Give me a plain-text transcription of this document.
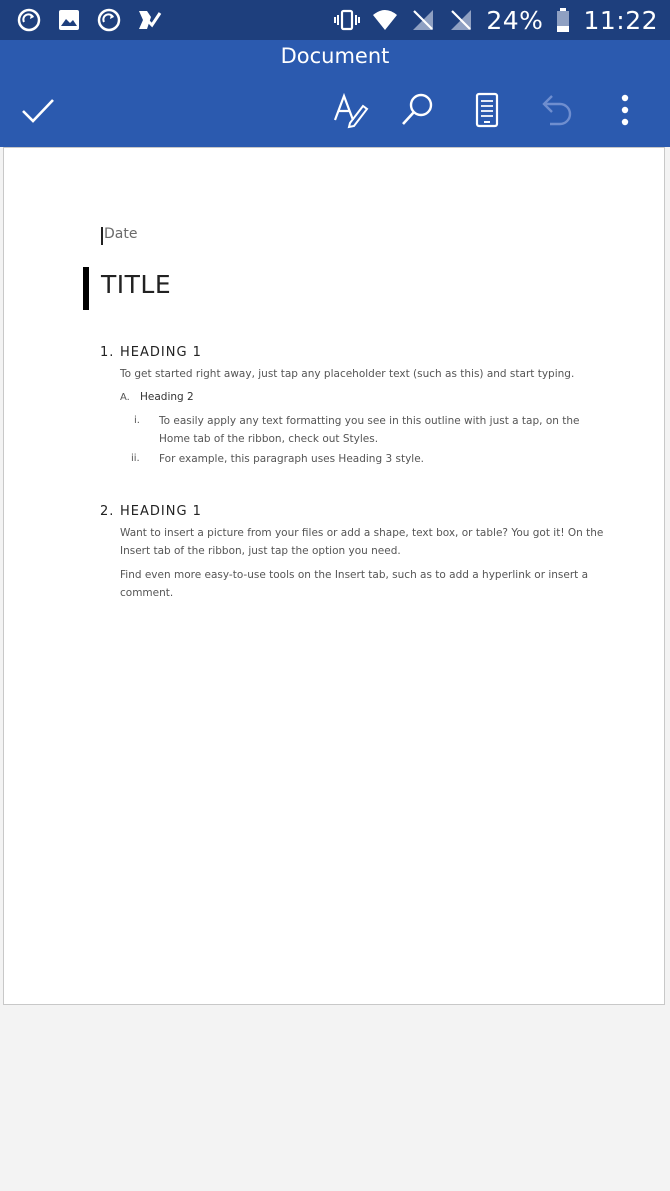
24% 11:22
Document
Date
TITLE
1. HEADING 1
To get started right away, just tap any placeholder text (such as this) and start typing.
A. Heading 2
i. To easily apply any text formatting you see in this outline with just a tap, on the
Home tab of the ribbon, check out Styles.
ii. For example, this paragraph uses Heading 3 style.
2. HEADING 1
Want to insert a picture from your files or add a shape, text box, or table? You got it! On the
Insert tab of the ribbon, just tap the option you need.
Find even more easy-to-use tools on the Insert tab, such as to add a hyperlink or insert a
comment.
